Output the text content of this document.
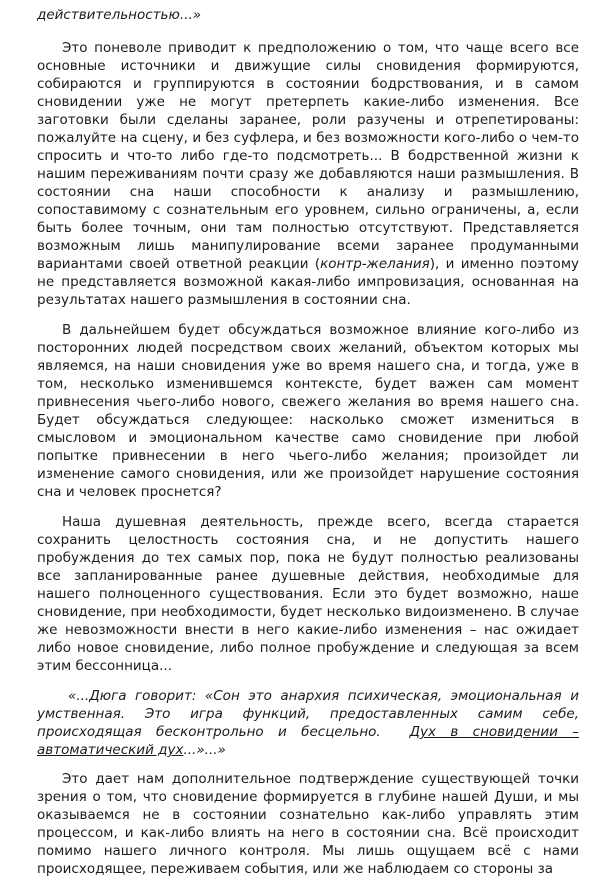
действительностью...»

Это поневоле приводит к предположению о том, что чаще всего все основные источники и движущие силы сновидения формируются, собираются и группируются в состоянии бодрствования, и в самом сновидении уже не могут претерпеть какие-либо изменения. Все заготовки были сделаны заранее, роли разучены и отрепетированы: пожалуйте на сцену, и без суфлера, и без возможности кого-либо о чем-то спросить и что-то либо где-то подсмотреть... В бодрственной жизни к нашим переживаниям почти сразу же добавляются наши размышления. В состоянии сна наши способности к анализу и размышлению, сопоставимому с сознательным его уровнем, сильно ограничены, а, если быть более точным, они там полностью отсутствуют. Представляется возможным лишь манипулирование всеми заранее продуманными вариантами своей ответной реакции (контр-желания), и именно поэтому не представляется возможной какая-либо импровизация, основанная на результатах нашего размышления в состоянии сна.

В дальнейшем будет обсуждаться возможное влияние кого-либо из посторонних людей посредством своих желаний, объектом которых мы являемся, на наши сновидения уже во время нашего сна, и тогда, уже в том, несколько изменившемся контексте, будет важен сам момент привнесения чьего-либо нового, свежего желания во время нашего сна. Будет обсуждаться следующее: насколько сможет измениться в смысловом и эмоциональном качестве само сновидение при любой попытке привнесении в него чьего-либо желания; произойдет ли изменение самого сновидения, или же произойдет нарушение состояния сна и человек проснется?

Наша душевная деятельность, прежде всего, всегда старается сохранить целостность состояния сна, и не допустить нашего пробуждения до тех самых пор, пока не будут полностью реализованы все запланированные ранее душевные действия, необходимые для нашего полноценного существования. Если это будет возможно, наше сновидение, при необходимости, будет несколько видоизменено. В случае же невозможности внести в него какие-либо изменения – нас ожидает либо новое сновидение, либо полное пробуждение и следующая за всем этим бессонница...

«...Дюга говорит: «Сон это анархия психическая, эмоциональная и умственная. Это игра функций, предоставленных самим себе, происходящая бесконтрольно и бесцельно. Дух в сновидении – автоматический дух...»...»

Это дает нам дополнительное подтверждение существующей точки зрения о том, что сновидение формируется в глубине нашей Души, и мы оказываемся не в состоянии сознательно как-либо управлять этим процессом, и как-либо влиять на него в состоянии сна. Всё происходит помимо нашего личного контроля. Мы лишь ощущаем всё с нами происходящее, переживаем события, или же наблюдаем со стороны за
